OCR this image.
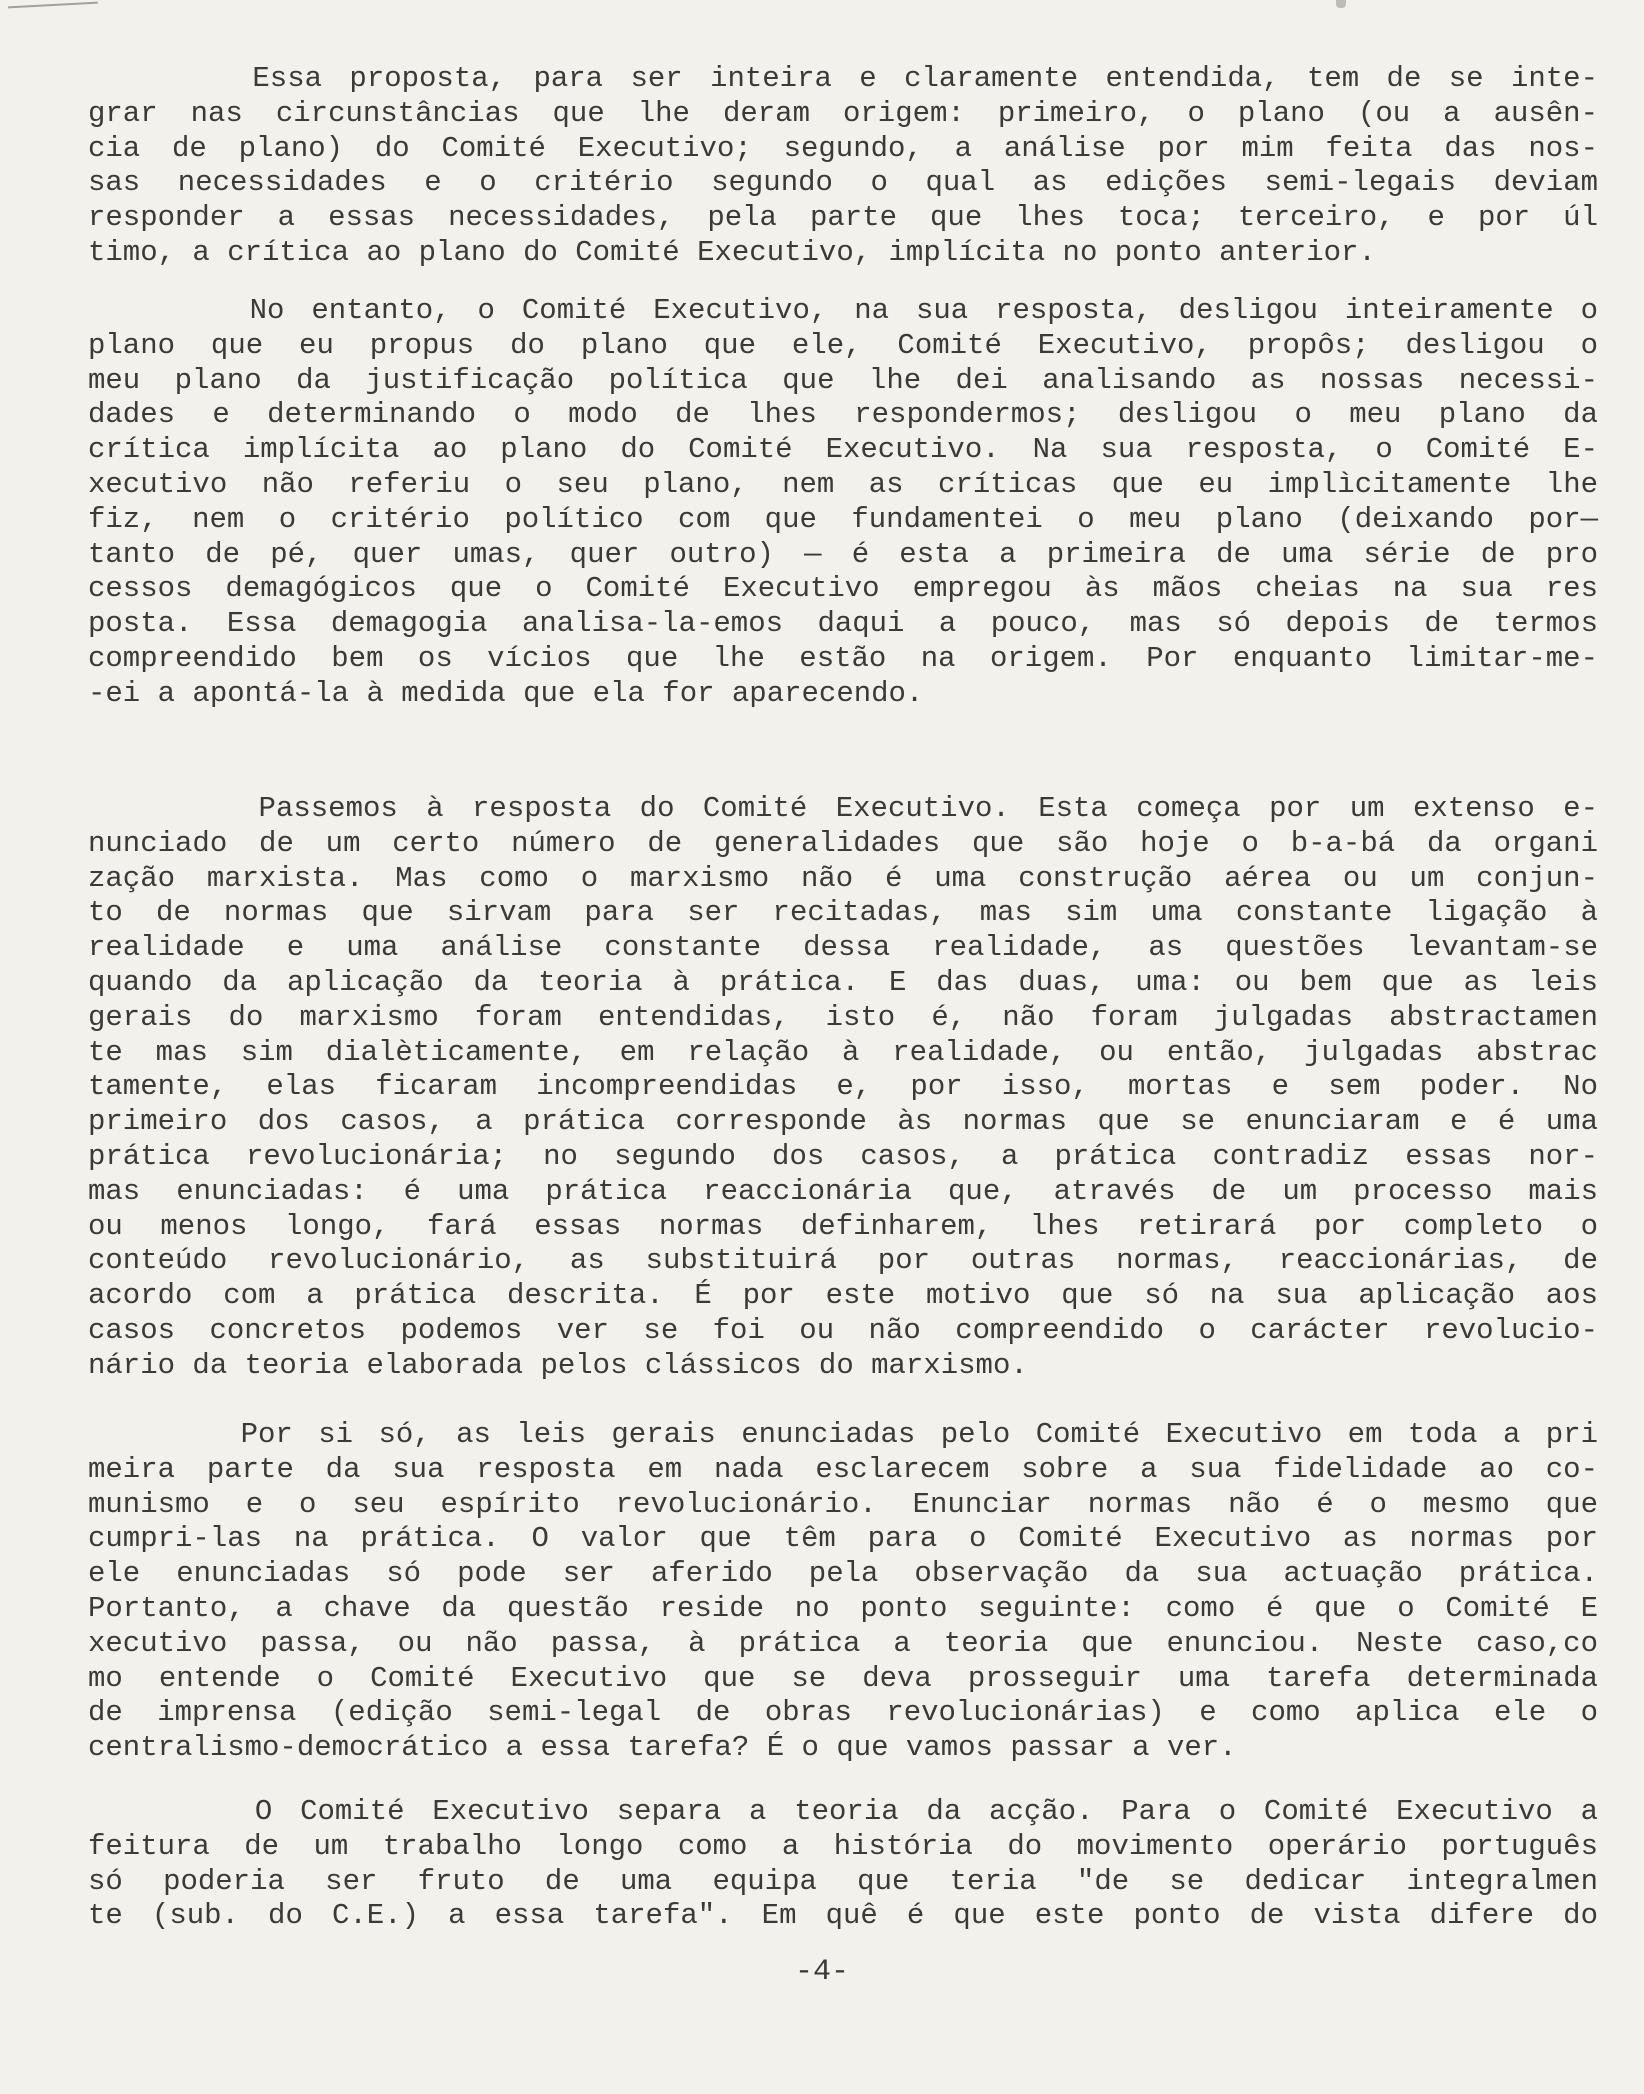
Essa proposta, para ser inteira e claramente entendida, tem de se inte-
grar nas circunstâncias que lhe deram origem: primeiro, o plano (ou a ausên-
cia de plano) do Comité Executivo; segundo, a análise por mim feita das nos-
sas necessidades e o critério segundo o qual as edições semi-legais deviam
responder a essas necessidades, pela parte que lhes toca; terceiro, e por úl
timo, a crítica ao plano do Comité Executivo, implícita no ponto anterior.
No entanto, o Comité Executivo, na sua resposta, desligou inteiramente o
plano que eu propus do plano que ele, Comité Executivo, propôs; desligou o
meu plano da justificação política que lhe dei analisando as nossas necessi-
dades e determinando o modo de lhes respondermos; desligou o meu plano da
crítica implícita ao plano do Comité Executivo. Na sua resposta, o Comité E-
xecutivo não referiu o seu plano, nem as críticas que eu implìcitamente lhe
fiz, nem o critério político com que fundamentei o meu plano (deixando por—
tanto de pé, quer umas, quer outro) — é esta a primeira de uma série de pro
cessos demagógicos que o Comité Executivo empregou às mãos cheias na sua res
posta. Essa demagogia analisa-la-emos daqui a pouco, mas só depois de termos
compreendido bem os vícios que lhe estão na origem. Por enquanto limitar-me-
-ei a apontá-la à medida que ela for aparecendo.
Passemos à resposta do Comité Executivo. Esta começa por um extenso e-
nunciado de um certo número de generalidades que são hoje o b-a-bá da organi
zação marxista. Mas como o marxismo não é uma construção aérea ou um conjun-
to de normas que sirvam para ser recitadas, mas sim uma constante ligação à
realidade e uma análise constante dessa realidade, as questões levantam-se
quando da aplicação da teoria à prática. E das duas, uma: ou bem que as leis
gerais do marxismo foram entendidas, isto é, não foram julgadas abstractamen
te mas sim dialèticamente, em relação à realidade, ou então, julgadas abstrac
tamente, elas ficaram incompreendidas e, por isso, mortas e sem poder. No
primeiro dos casos, a prática corresponde às normas que se enunciaram e é uma
prática revolucionária; no segundo dos casos, a prática contradiz essas nor-
mas enunciadas: é uma prática reaccionária que, através de um processo mais
ou menos longo, fará essas normas definharem, lhes retirará por completo o
conteúdo revolucionário, as substituirá por outras normas, reaccionárias, de
acordo com a prática descrita. É por este motivo que só na sua aplicação aos
casos concretos podemos ver se foi ou não compreendido o carácter revolucio-
nário da teoria elaborada pelos clássicos do marxismo.
Por si só, as leis gerais enunciadas pelo Comité Executivo em toda a pri
meira parte da sua resposta em nada esclarecem sobre a sua fidelidade ao co-
munismo e o seu espírito revolucionário. Enunciar normas não é o mesmo que
cumpri-las na prática. O valor que têm para o Comité Executivo as normas por
ele enunciadas só pode ser aferido pela observação da sua actuação prática.
Portanto, a chave da questão reside no ponto seguinte: como é que o Comité E
xecutivo passa, ou não passa, à prática a teoria que enunciou. Neste caso,co
mo entende o Comité Executivo que se deva prosseguir uma tarefa determinada
de imprensa (edição semi-legal de obras revolucionárias) e como aplica ele o
centralismo-democrático a essa tarefa? É o que vamos passar a ver.
O Comité Executivo separa a teoria da acção. Para o Comité Executivo a
feitura de um trabalho longo como a história do movimento operário português
só poderia ser fruto de uma equipa que teria "de se dedicar integralmen
te (sub. do C.E.) a essa tarefa". Em quê é que este ponto de vista difere do
-4-
